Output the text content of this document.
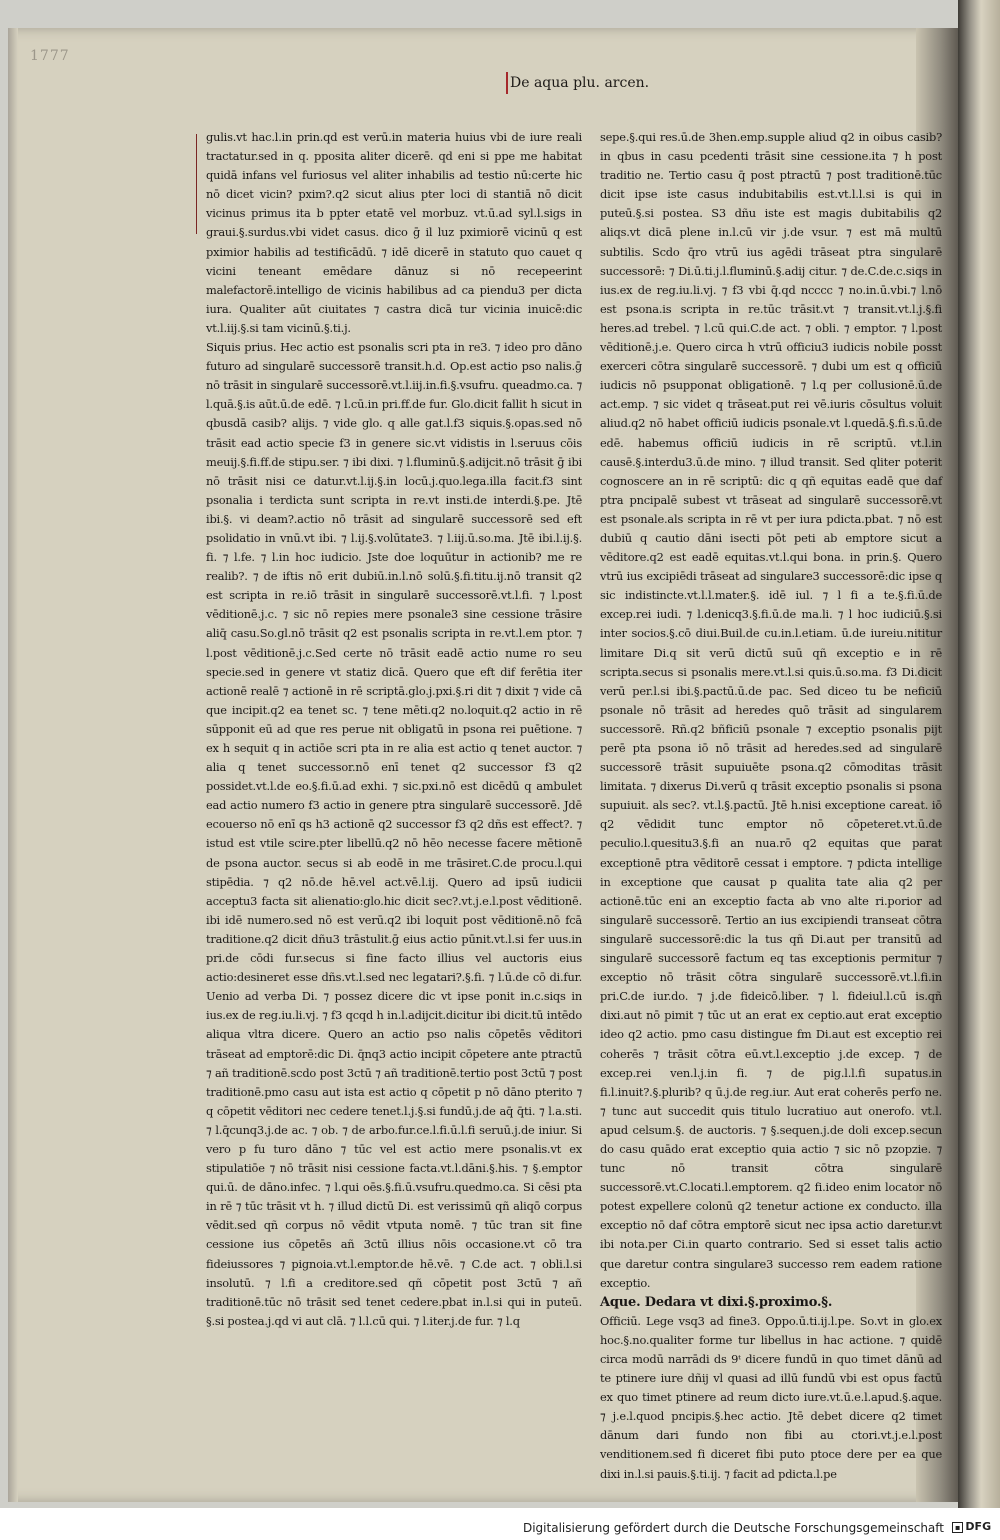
1777
De aqua plu. arcen.

gulis.vt hac.l.in prin.qd est verū.in materia huius vbi de iure reali tractatur.sed in q. pposita aliter dicerē. qd eni si ppe me habitat quidā infans vel furiosus vel aliter inhabilis ad testio nū:certe hic nō dicet vicin? pxim?.q2 sicut alius pter loci di stantiā nō dicit vicinus primus ita b ppter etatē vel morbuz. vt.ū.ad syl.l.sigs in graui.§.surdus.vbi videt casus. dico ḡ il luz pximiorē vicinū q est pximior habilis ad testificādū. ⁊ idē dicerē in statuto quo cauet q vicini teneant emēdare dānuz si nō recepeerint malefactorē.intelligo de vicinis habilibus ad ca piendu3 per dicta iura. Qualiter aūt ciuitates ⁊ castra dicā tur vicinia inuicē:dic vt.l.iij.§.si tam vicinū.§.ti.j.

Siquis prius. Hec actio est psonalis scri pta in re3. ⁊ ideo pro dāno futuro ad singularē successorē transit.h.d. Op.est actio pso nalis.ḡ nō trāsit in singularē successorē.vt.l.iij.in.fi.§.vsufru. queadmo.ca. ⁊ l.quā.§.is aūt.ū.de edē. ⁊ l.cū.in pri.ff.de fur. Glo.dicit fallit h sicut in qbusdā casib? alijs. ⁊ vide glo. q alle gat.l.f3 siquis.§.opas.sed nō trāsit ead actio specie f3 in genere sic.vt vidistis in l.seruus cōis meuij.§.fi.ff.de stipu.ser. ⁊ ibi dixi. ⁊ l.fluminū.§.adijcit.nō trāsit ḡ ibi nō trāsit nisi ce datur.vt.l.ij.§.in locū.j.quo.lega.illa facit.f3 sint psonalia i terdicta sunt scripta in re.vt insti.de interdi.§.pe. Jtē ibi.§. vi deam?.actio nō trāsit ad singularē successorē sed eft psolidatio in vnū.vt ibi. ⁊ l.ij.§.volūtate3. ⁊ l.iij.ū.so.ma. Jtē ibi.l.ij.§. fi. ⁊ l.fe. ⁊ l.in hoc iudicio. Jste doe loquūtur in actionib? me re realib?. ⁊ de iftis nō erit dubiū.in.l.nō solū.§.fi.titu.ij.nō transit q2 est scripta in re.iō trāsit in singularē successorē.vt.l.fi. ⁊ l.post vēditionē.j.c. ⁊ sic nō repies mere psonale3 sine cessione trāsire aliq̄ casu.So.gl.nō trāsit q2 est psonalis scripta in re.vt.l.em ptor. ⁊ l.post vēditionē.j.c.Sed certe nō trāsit eadē actio nume ro seu specie.sed in genere vt statiz dicā. Quero que eft dif ferētia iter actionē realē ⁊ actionē in rē scriptā.glo.j.pxi.§.ri dit ⁊ dixit ⁊ vide cā que incipit.q2 ea tenet sc. ⁊ tene mēti.q2 no.loquit.q2 actio in rē sūpponit eū ad que res perue nit obligatū in psona rei puētione. ⁊ ex h sequit q in actiōe scri pta in re alia est actio q tenet auctor. ⁊ alia q tenet successor.nō enī tenet q2 successor f3 q2 possidet.vt.l.de eo.§.fi.ū.ad exhi. ⁊ sic.pxi.nō est dicēdū q ambulet ead actio numero f3 actio in genere ptra singularē successorē. Jdē ecouerso nō enī qs h3 actionē q2 successor f3 q2 dñs est effect?. ⁊ istud est vtile scire.pter libellū.q2 nō hēo necesse facere mētionē de psona auctor. secus si ab eodē in me trāsiret.C.de procu.l.qui stipēdia. ⁊ q2 nō.de hē.vel act.vē.l.ij. Quero ad ipsū iudicii acceptu3 facta sit alienatio:glo.hic dicit sec?.vt.j.e.l.post vēditionē. ibi idē numero.sed nō est verū.q2 ibi loquit post vēditionē.nō fcā traditione.q2 dicit dñu3 trāstulit.ḡ eius actio pūnit.vt.l.si fer uus.in pri.de cōdi fur.secus si fine facto illius vel auctoris eius actio:desineret esse dñs.vt.l.sed nec legatari?.§.fi. ⁊ l.ū.de cō di.fur. Uenio ad verba Di. ⁊ possez dicere dic vt ipse ponit in.c.siqs in ius.ex de reg.iu.li.vj. ⁊ f3 qcqd h in.l.adijcit.dicitur ibi dicit.tū intēdo aliqua vltra dicere. Quero an actio pso nalis cōpetēs vēditori trāseat ad emptorē:dic Di. q̄nq3 actio incipit cōpetere ante ptractū ⁊ añ traditionē.scdo post 3ctū ⁊ añ traditionē.tertio post 3ctū ⁊ post traditionē.pmo casu aut ista est actio q cōpetit p nō dāno pterito ⁊ q cōpetit vēditori nec cedere tenet.l.j.§.si fundū.j.de aq̄ q̄ti. ⁊ l.a.sti. ⁊ l.q̄cunq3.j.de ac. ⁊ ob. ⁊ de arbo.fur.ce.l.fi.ū.l.fi seruū.j.de iniur. Si vero p fu turo dāno ⁊ tūc vel est actio mere psonalis.vt ex stipulatiōe ⁊ nō trāsit nisi cessione facta.vt.l.dāni.§.his. ⁊ §.emptor qui.ū. de dāno.infec. ⁊ l.qui oēs.§.fi.ū.vsufru.quedmo.ca. Si cēsi pta in rē ⁊ tūc trāsit vt h. ⁊ illud dictū Di. est verissimū qñ aliqō corpus vēdit.sed qñ corpus nō vēdit vtputa nomē. ⁊ tūc tran sit fine cessione ius cōpetēs añ 3ctū illius nōis occasione.vt cō tra fideiussores ⁊ pignoia.vt.l.emptor.de hē.vē. ⁊ C.de act. ⁊ obli.l.si insolutū. ⁊ l.fi a creditore.sed qñ cōpetit post 3ctū ⁊ añ traditionē.tūc nō trāsit sed tenet cedere.pbat in.l.si qui in puteū. §.si postea.j.qd vi aut clā. ⁊ l.l.cū qui. ⁊ l.iter.j.de fur. ⁊ l.q

sepe.§.qui res.ū.de 3hen.emp.supple aliud q2 in oibus casib? in qbus in casu pcedenti trāsit sine cessione.ita ⁊ h post traditio ne. Tertio casu q̄ post ptractū ⁊ post traditionē.tūc dicit ipse iste casus indubitabilis est.vt.l.l.si is qui in puteū.§.si postea. S3 dñu iste est magis dubitabilis q2 aliqs.vt dicā plene in.l.cū vir j.de vsur. ⁊ est mā multū subtilis. Scdo q̄ro vtrū ius agēdi trāseat ptra singularē successorē: ⁊ Di.ū.ti.j.l.fluminū.§.adij citur. ⁊ de.C.de.c.siqs in ius.ex de reg.iu.li.vj. ⁊ f3 vbi q̄.qd ncccc ⁊ no.in.ū.vbi.⁊ l.nō est psona.is scripta in re.tūc trāsit.vt ⁊ transit.vt.l.j.§.fi heres.ad trebel. ⁊ l.cū qui.C.de act. ⁊ obli. ⁊ emptor. ⁊ l.post vēditionē.j.e. Quero circa h vtrū officiu3 iudicis nobile posst exerceri cōtra singularē successorē. ⁊ dubi um est q officiū iudicis nō psupponat obligationē. ⁊ l.q per collusionē.ū.de act.emp. ⁊ sic videt q trāseat.put rei vē.iuris cōsultus voluit aliud.q2 nō habet officiū iudicis psonale.vt l.quedā.§.fi.s.ū.de edē. habemus officiū iudicis in rē scriptū. vt.l.in causē.§.interdu3.ū.de mino. ⁊ illud transit. Sed qliter poterit cognoscere an in rē scriptū: dic q qñ equitas eadē que daf ptra pncipalē subest vt trāseat ad singularē successorē.vt est psonale.als scripta in rē vt per iura pdicta.pbat. ⁊ nō est dubiū q cautio dāni isecti pōt peti ab emptore sicut a vēditore.q2 est eadē equitas.vt.l.qui bona. in prin.§. Quero vtrū ius excipiēdi trāseat ad singulare3 successorē:dic ipse q sic indistincte.vt.l.l.mater.§. idē iul. ⁊ l fi a te.§.fi.ū.de excep.rei iudi. ⁊ l.denicq3.§.fi.ū.de ma.li. ⁊ l hoc iudiciū.§.si inter socios.§.cō diui.Buil.de cu.in.l.etiam. ū.de iureiu.nititur limitare Di.q sit verū dictū suū qñ exceptio e in rē scripta.secus si psonalis mere.vt.l.si quis.ū.so.ma. f3 Di.dicit verū per.l.si ibi.§.pactū.ū.de pac. Sed diceo tu be neficiū psonale nō trāsit ad heredes quō trāsit ad singularem successorē. Rñ.q2 bñficiū psonale ⁊ exceptio psonalis pijt perē pta psona iō nō trāsit ad heredes.sed ad singularē successorē trāsit supuiuēte psona.q2 cōmoditas trāsit limitata. ⁊ dixerus Di.verū q trāsit exceptio psonalis si psona supuiuit. als sec?. vt.l.§.pactū. Jtē h.nisi exceptione careat. iō q2 vēdidit tunc emptor nō cōpeteret.vt.ū.de peculio.l.quesitu3.§.fi an nua.rō q2 equitas que parat exceptionē ptra vēditorē cessat i emptore. ⁊ pdicta intellige in exceptione que causat p qualita tate alia q2 per actionē.tūc eni an exceptio facta ab vno alte ri.porior ad singularē successorē. Tertio an ius excipiendi transeat cōtra singularē successorē:dic la tus qñ Di.aut per transitū ad singularē successorē factum eq tas exceptionis permitur ⁊ exceptio nō trāsit cōtra singularē successorē.vt.l.fi.in pri.C.de iur.do. ⁊ j.de fideicō.liber. ⁊ l. fideiul.l.cū is.qñ dixi.aut nō pimit ⁊ tūc ut an erat ex ceptio.aut erat exceptio ideo q2 actio. pmo casu distingue fm Di.aut est exceptio rei coherēs ⁊ trāsit cōtra eū.vt.l.exceptio j.de excep. ⁊ de excep.rei ven.l.j.in fi. ⁊ de pig.l.l.fi supatus.in fi.l.inuit?.§.plurib? q ū.j.de reg.iur. Aut erat coherēs perfo ne. ⁊ tunc aut succedit quis titulo lucratiuo aut onerofo. vt.l. apud celsum.§. de auctoris. ⁊ §.sequen.j.de doli excep.secun do casu quādo erat exceptio quia actio ⁊ sic nō pzopzie. ⁊ tunc nō transit cōtra singularē successorē.vt.C.locati.l.emptorem. q2 fi.ideo enim locator nō potest expellere colonū q2 tenetur actione ex conducto. illa exceptio nō daf cōtra emptorē sicut nec ipsa actio daretur.vt ibi nota.per Ci.in quarto contrario. Sed si esset talis actio que daretur contra singulare3 successo rem eadem ratione exceptio.

Aque. Dedara vt dixi.§.proximo.§.

Officiū. Lege vsq3 ad fine3. Oppo.ū.ti.ij.l.pe. So.vt in glo.ex hoc.§.no.qualiter forme tur libellus in hac actione. ⁊ quidē circa modū narrādi ds 9ᵗ dicere fundū in quo timet dānū ad te ptinere iure dñij vl quasi ad illū fundū vbi est opus factū ex quo timet ptinere ad reum dicto iure.vt.ū.e.l.apud.§.aque. ⁊ j.e.l.quod pncipis.§.hec actio. Jtē debet dicere q2 timet dānum dari fundo non fibi au ctori.vt.j.e.l.post venditionem.sed fi diceret fibi puto ptoce dere per ea que dixi in.l.si pauis.§.ti.ij. ⁊ facit ad pdicta.l.pe

Digitalisierung gefördert durch die Deutsche Forschungsgemeinschaft	▪ DFG
